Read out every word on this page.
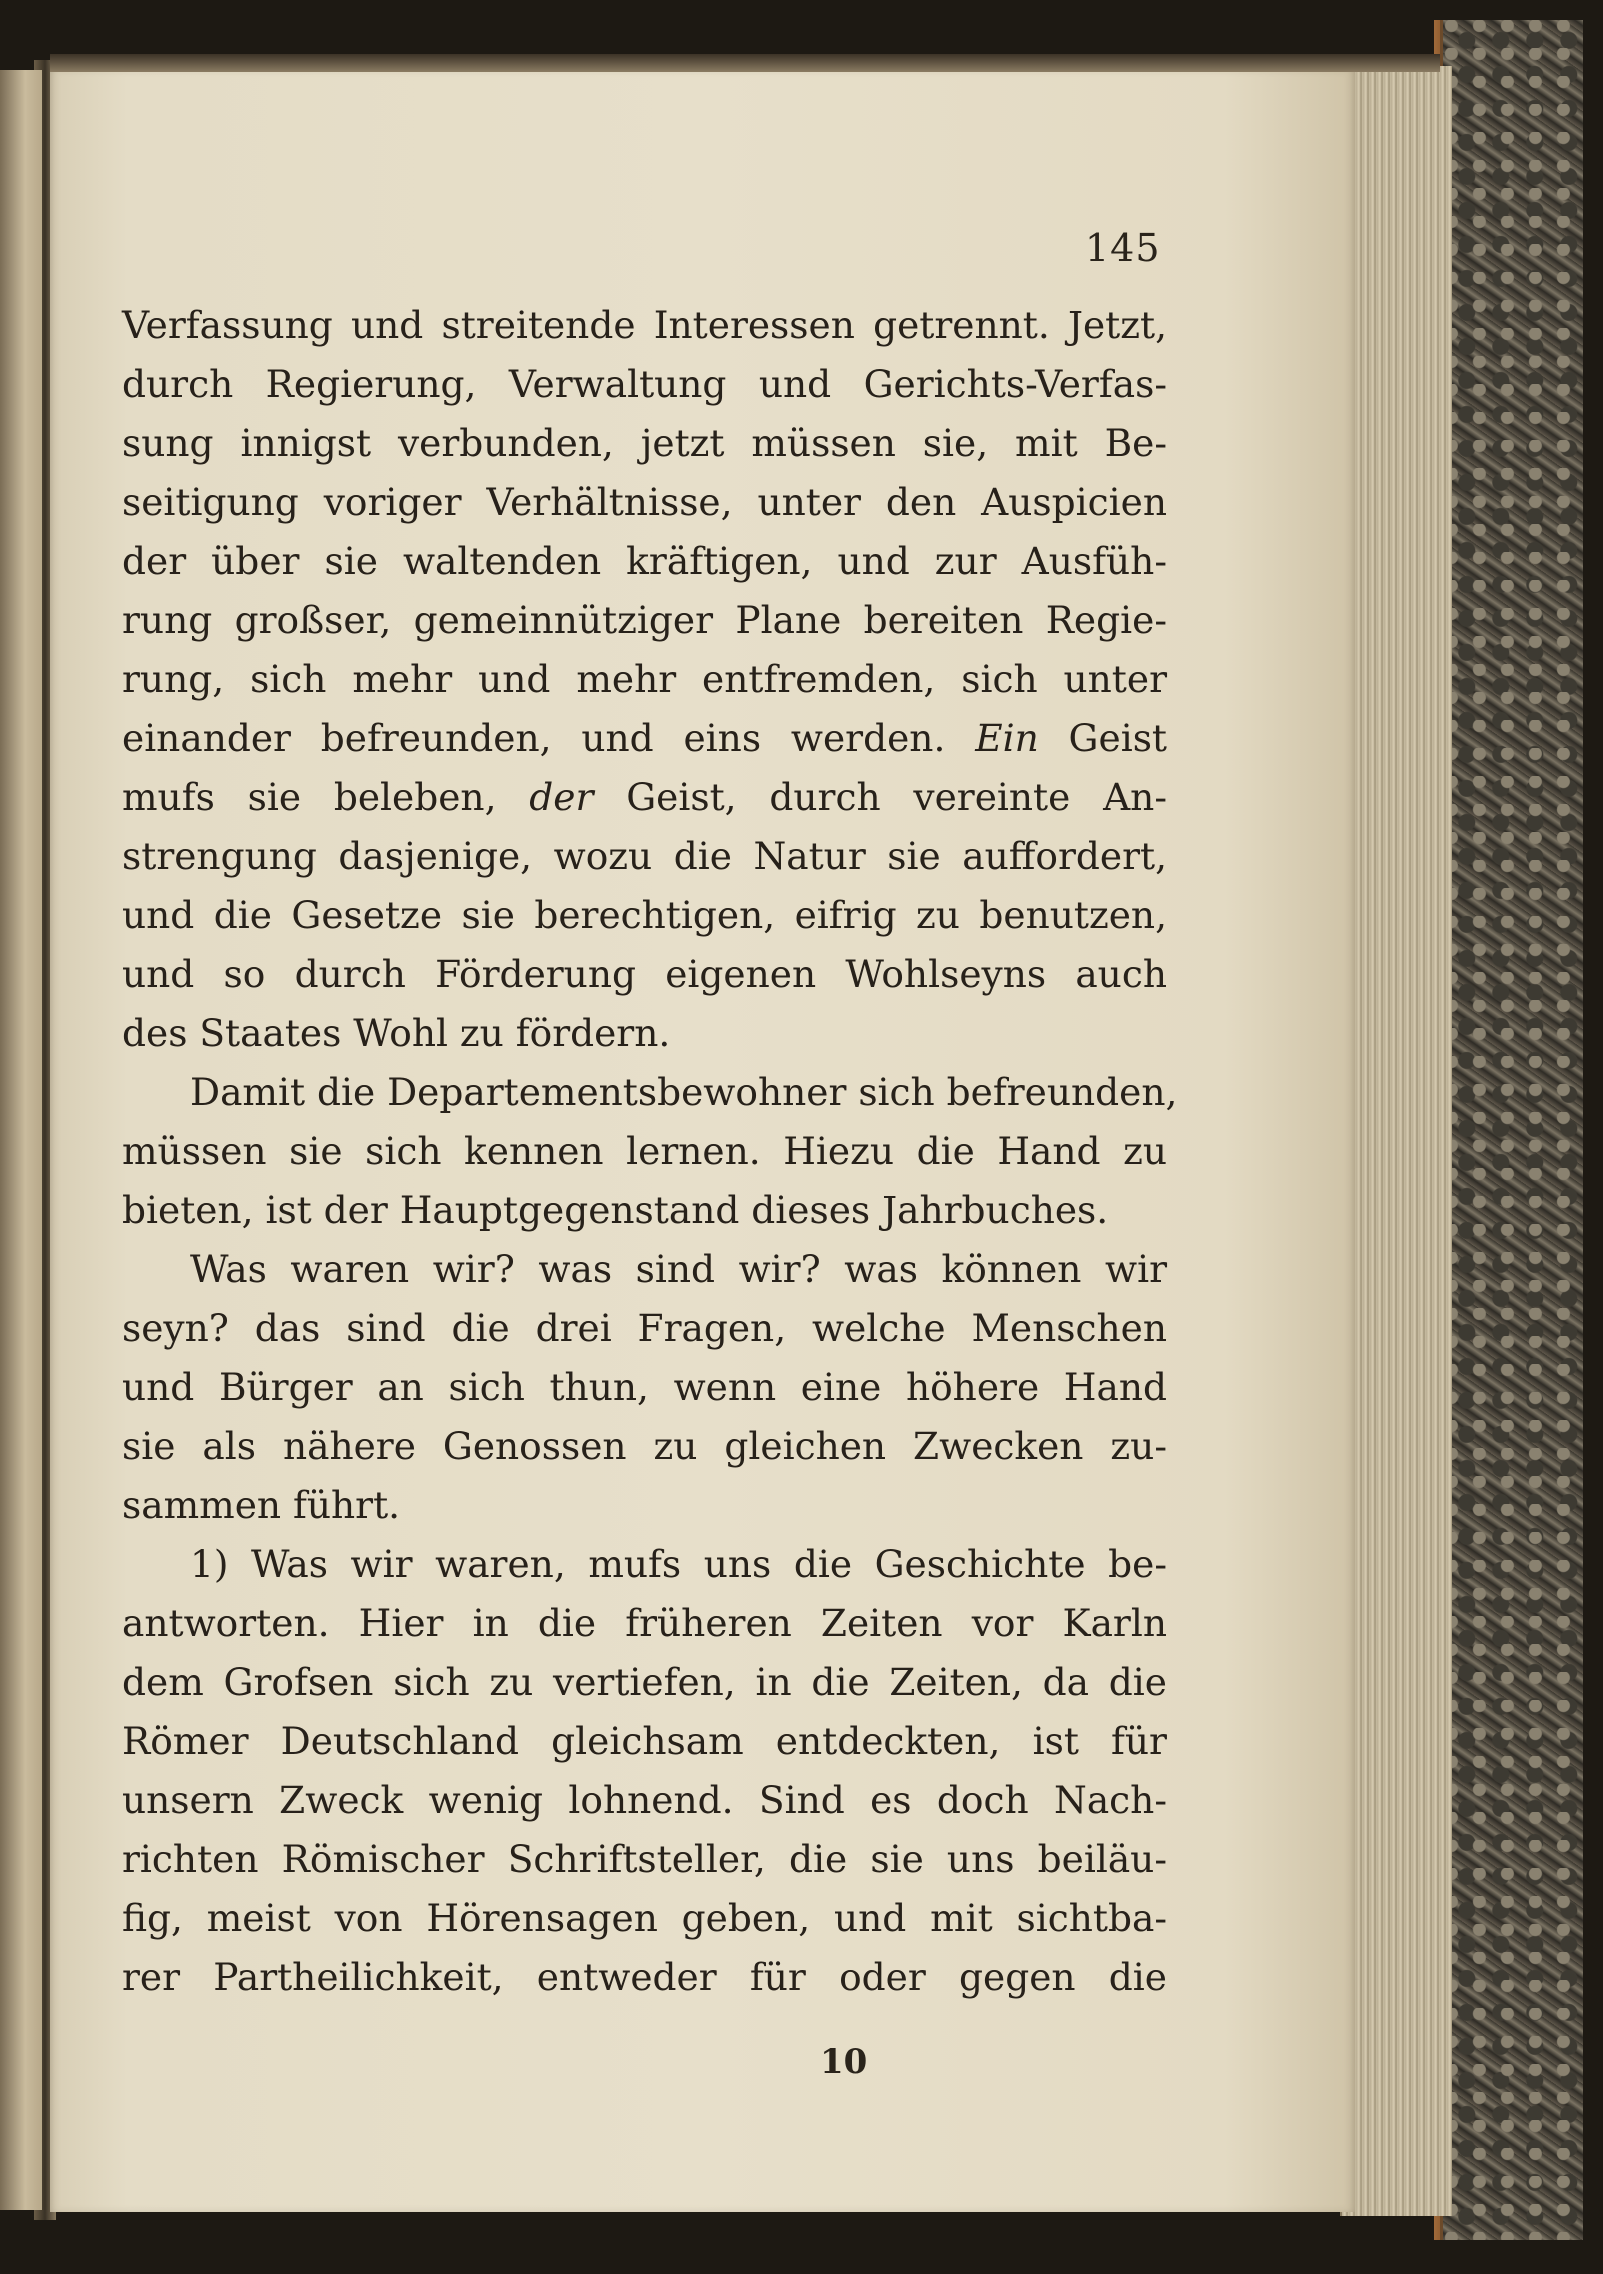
145
Verfassung und streitende Interessen getrennt. Jetzt,
durch Regierung, Verwaltung und Gerichts-Verfas-
sung innigst verbunden, jetzt müssen sie, mit Be-
seitigung voriger Verhältnisse, unter den Auspicien
der über sie waltenden kräftigen, und zur Ausfüh-
rung großser, gemeinnütziger Plane bereiten Regie-
rung, sich mehr und mehr entfremden, sich unter
einander befreunden, und eins werden. Ein Geist
mufs sie beleben, der Geist, durch vereinte An-
strengung dasjenige, wozu die Natur sie auffordert,
und die Gesetze sie berechtigen, eifrig zu benutzen,
und so durch Förderung eigenen Wohlseyns auch
des Staates Wohl zu fördern.
Damit die Departementsbewohner sich befreunden,
müssen sie sich kennen lernen. Hiezu die Hand zu
bieten, ist der Hauptgegenstand dieses Jahrbuches.
Was waren wir? was sind wir? was können wir
seyn? das sind die drei Fragen, welche Menschen
und Bürger an sich thun, wenn eine höhere Hand
sie als nähere Genossen zu gleichen Zwecken zu-
sammen führt.
1) Was wir waren, mufs uns die Geschichte be-
antworten. Hier in die früheren Zeiten vor Karln
dem Grofsen sich zu vertiefen, in die Zeiten, da die
Römer Deutschland gleichsam entdeckten, ist für
unsern Zweck wenig lohnend. Sind es doch Nach-
richten Römischer Schriftsteller, die sie uns beiläu-
fig, meist von Hörensagen geben, und mit sichtba-
rer Partheilichkeit, entweder für oder gegen die
10
